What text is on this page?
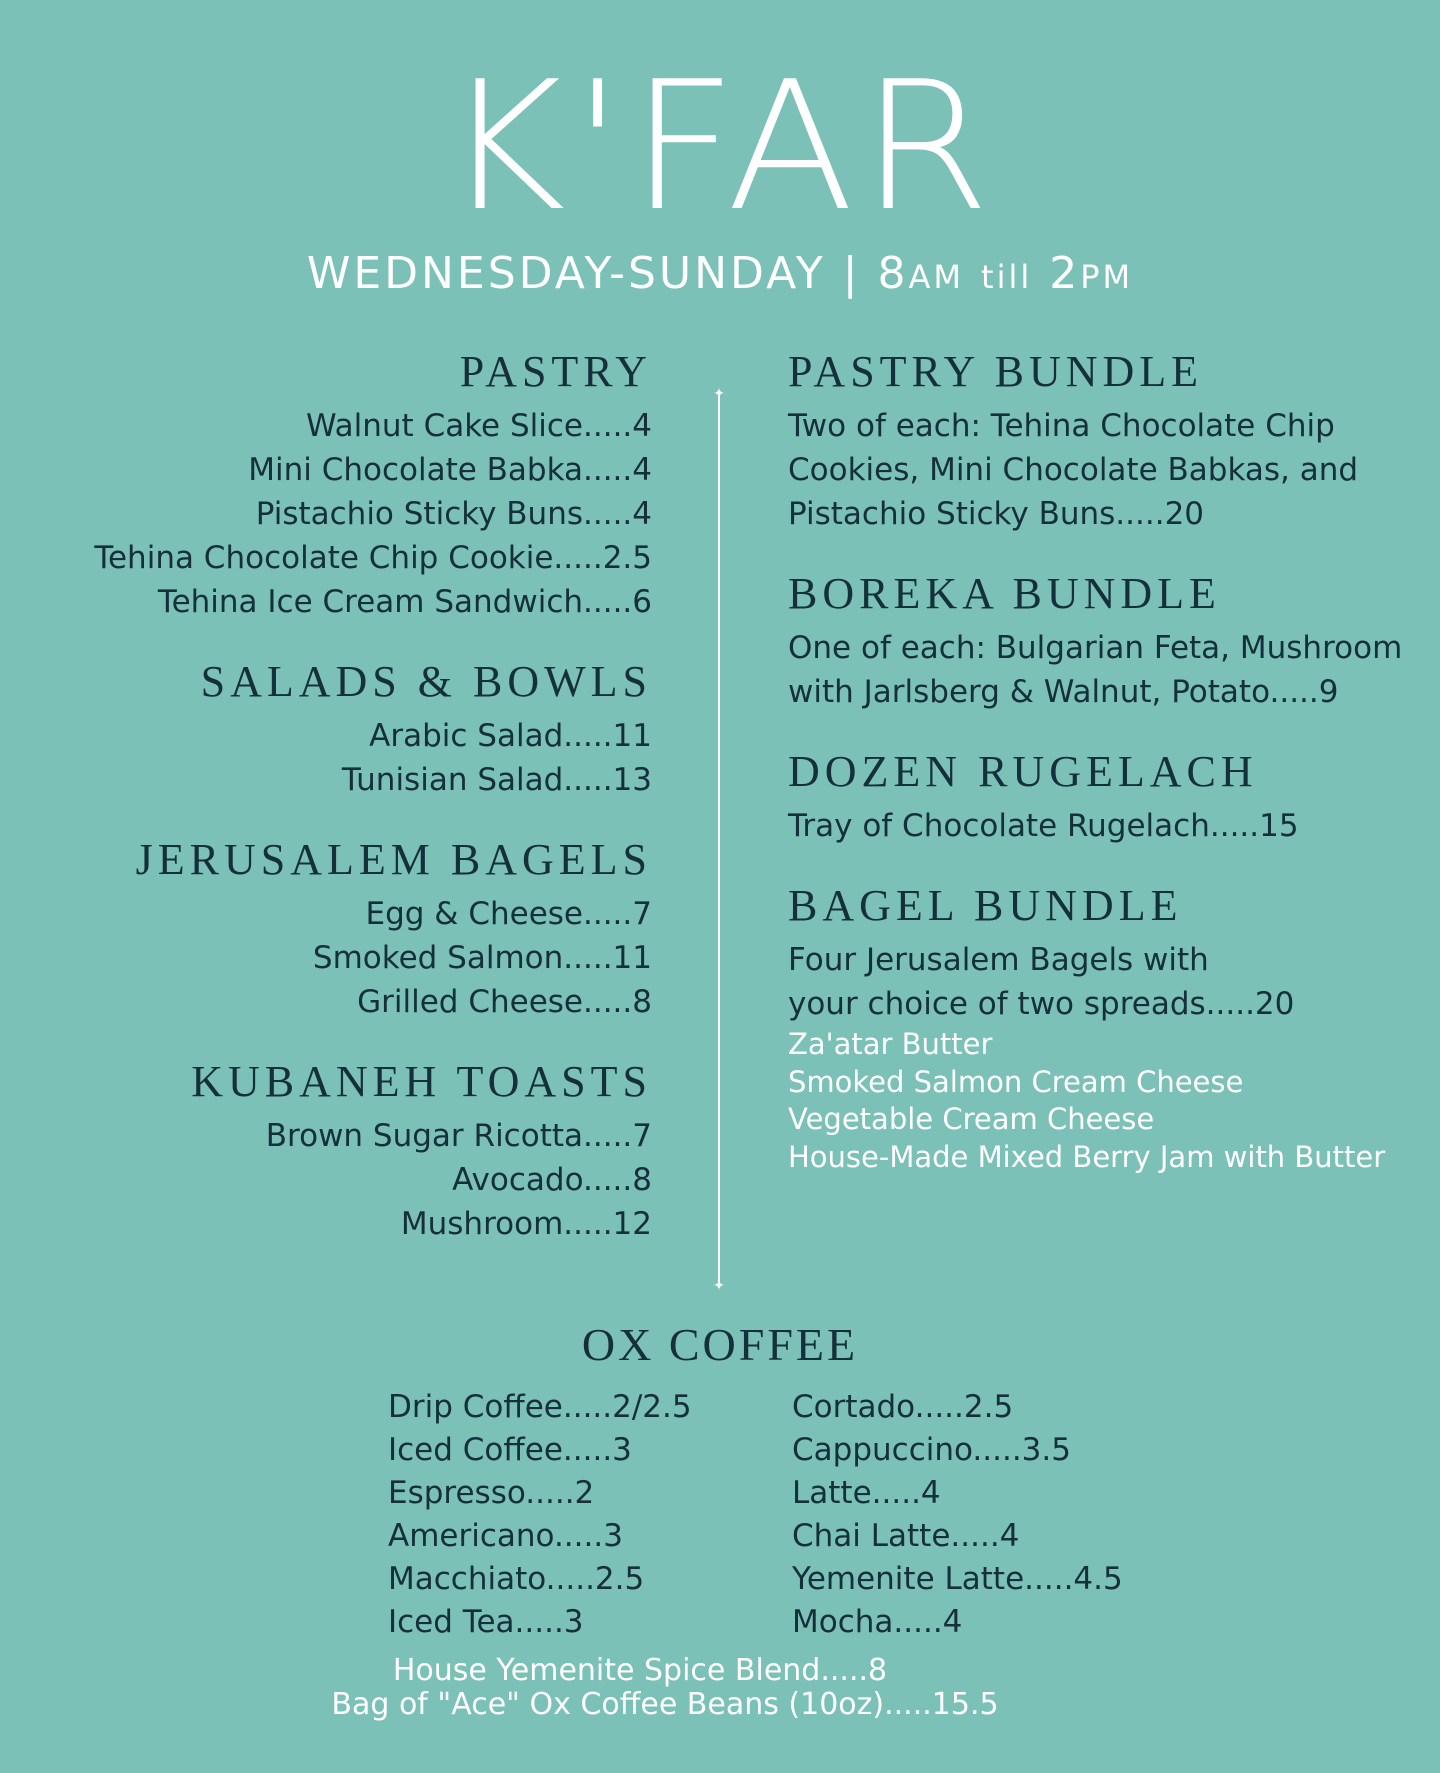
K'FAR
WEDNESDAY-SUNDAY | 8AM till 2PM
PASTRY
Walnut Cake Slice.....4
Mini Chocolate Babka.....4
Pistachio Sticky Buns.....4
Tehina Chocolate Chip Cookie.....2.5
Tehina Ice Cream Sandwich.....6
SALADS & BOWLS
Arabic Salad.....11
Tunisian Salad.....13
JERUSALEM BAGELS
Egg & Cheese.....7
Smoked Salmon.....11
Grilled Cheese.....8
KUBANEH TOASTS
Brown Sugar Ricotta.....7
Avocado.....8
Mushroom.....12
✦
✦
PASTRY BUNDLE
Two of each: Tehina Chocolate Chip
Cookies, Mini Chocolate Babkas, and
Pistachio Sticky Buns.....20
BOREKA BUNDLE
One of each: Bulgarian Feta, Mushroom
with Jarlsberg & Walnut, Potato.....9
DOZEN RUGELACH
Tray of Chocolate Rugelach.....15
BAGEL BUNDLE
Four Jerusalem Bagels with
your choice of two spreads.....20
Za'atar Butter
Smoked Salmon Cream Cheese
Vegetable Cream Cheese
House-Made Mixed Berry Jam with Butter
OX COFFEE
Drip Coffee.....2/2.5
Iced Coffee.....3
Espresso.....2
Americano.....3
Macchiato.....2.5
Iced Tea.....3
Cortado.....2.5
Cappuccino.....3.5
Latte.....4
Chai Latte.....4
Yemenite Latte.....4.5
Mocha.....4
House Yemenite Spice Blend.....8
Bag of "Ace" Ox Coffee Beans (10oz).....15.5
